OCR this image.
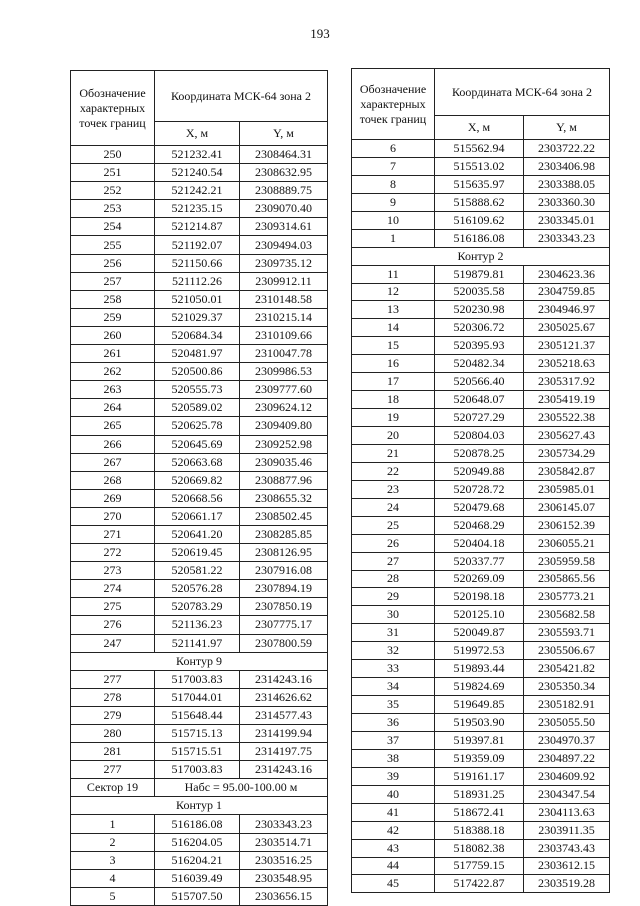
193
Обозначение характерных точек границ	Координата МСК-64 зона 2	
	X, м	Y, м
250	521232.41	2308464.31
251	521240.54	2308632.95
252	521242.21	2308889.75
253	521235.15	2309070.40
254	521214.87	2309314.61
255	521192.07	2309494.03
256	521150.66	2309735.12
257	521112.26	2309912.11
258	521050.01	2310148.58
259	521029.37	2310215.14
260	520684.34	2310109.66
261	520481.97	2310047.78
262	520500.86	2309986.53
263	520555.73	2309777.60
264	520589.02	2309624.12
265	520625.78	2309409.80
266	520645.69	2309252.98
267	520663.68	2309035.46
268	520669.82	2308877.96
269	520668.56	2308655.32
270	520661.17	2308502.45
271	520641.20	2308285.85
272	520619.45	2308126.95
273	520581.22	2307916.08
274	520576.28	2307894.19
275	520783.29	2307850.19
276	521136.23	2307775.17
247	521141.97	2307800.59
Контур 9		
277	517003.83	2314243.16
278	517044.01	2314626.62
279	515648.44	2314577.43
280	515715.13	2314199.94
281	515715.51	2314197.75
277	517003.83	2314243.16
Сектор 19	Набс = 95.00-100.00 м	
Контур 1		
1	516186.08	2303343.23
2	516204.05	2303514.71
3	516204.21	2303516.25
4	516039.49	2303548.95
5	515707.50	2303656.15
Обозначение характерных точек границ	Координата МСК-64 зона 2	
	X, м	Y, м
6	515562.94	2303722.22
7	515513.02	2303406.98
8	515635.97	2303388.05
9	515888.62	2303360.30
10	516109.62	2303345.01
1	516186.08	2303343.23
Контур 2		
11	519879.81	2304623.36
12	520035.58	2304759.85
13	520230.98	2304946.97
14	520306.72	2305025.67
15	520395.93	2305121.37
16	520482.34	2305218.63
17	520566.40	2305317.92
18	520648.07	2305419.19
19	520727.29	2305522.38
20	520804.03	2305627.43
21	520878.25	2305734.29
22	520949.88	2305842.87
23	520728.72	2305985.01
24	520479.68	2306145.07
25	520468.29	2306152.39
26	520404.18	2306055.21
27	520337.77	2305959.58
28	520269.09	2305865.56
29	520198.18	2305773.21
30	520125.10	2305682.58
31	520049.87	2305593.71
32	519972.53	2305506.67
33	519893.44	2305421.82
34	519824.69	2305350.34
35	519649.85	2305182.91
36	519503.90	2305055.50
37	519397.81	2304970.37
38	519359.09	2304897.22
39	519161.17	2304609.92
40	518931.25	2304347.54
41	518672.41	2304113.63
42	518388.18	2303911.35
43	518082.38	2303743.43
44	517759.15	2303612.15
45	517422.87	2303519.28
